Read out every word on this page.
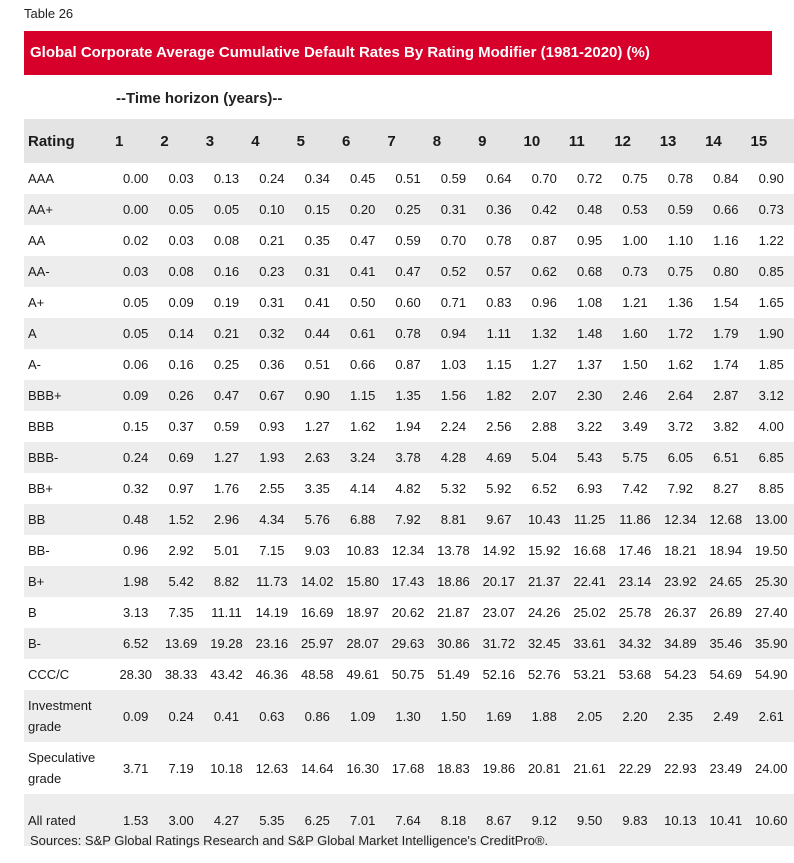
Table 26
Global Corporate Average Cumulative Default Rates By Rating Modifier (1981-2020) (%)
--Time horizon (years)--
Rating	1	2	3	4	5	6	7	8	9	10	11	12	13	14	15
AAA	0.00	0.03	0.13	0.24	0.34	0.45	0.51	0.59	0.64	0.70	0.72	0.75	0.78	0.84	0.90
AA+	0.00	0.05	0.05	0.10	0.15	0.20	0.25	0.31	0.36	0.42	0.48	0.53	0.59	0.66	0.73
AA	0.02	0.03	0.08	0.21	0.35	0.47	0.59	0.70	0.78	0.87	0.95	1.00	1.10	1.16	1.22
AA-	0.03	0.08	0.16	0.23	0.31	0.41	0.47	0.52	0.57	0.62	0.68	0.73	0.75	0.80	0.85
A+	0.05	0.09	0.19	0.31	0.41	0.50	0.60	0.71	0.83	0.96	1.08	1.21	1.36	1.54	1.65
A	0.05	0.14	0.21	0.32	0.44	0.61	0.78	0.94	1.11	1.32	1.48	1.60	1.72	1.79	1.90
A-	0.06	0.16	0.25	0.36	0.51	0.66	0.87	1.03	1.15	1.27	1.37	1.50	1.62	1.74	1.85
BBB+	0.09	0.26	0.47	0.67	0.90	1.15	1.35	1.56	1.82	2.07	2.30	2.46	2.64	2.87	3.12
BBB	0.15	0.37	0.59	0.93	1.27	1.62	1.94	2.24	2.56	2.88	3.22	3.49	3.72	3.82	4.00
BBB-	0.24	0.69	1.27	1.93	2.63	3.24	3.78	4.28	4.69	5.04	5.43	5.75	6.05	6.51	6.85
BB+	0.32	0.97	1.76	2.55	3.35	4.14	4.82	5.32	5.92	6.52	6.93	7.42	7.92	8.27	8.85
BB	0.48	1.52	2.96	4.34	5.76	6.88	7.92	8.81	9.67	10.43	11.25	11.86	12.34	12.68	13.00
BB-	0.96	2.92	5.01	7.15	9.03	10.83	12.34	13.78	14.92	15.92	16.68	17.46	18.21	18.94	19.50
B+	1.98	5.42	8.82	11.73	14.02	15.80	17.43	18.86	20.17	21.37	22.41	23.14	23.92	24.65	25.30
B	3.13	7.35	11.11	14.19	16.69	18.97	20.62	21.87	23.07	24.26	25.02	25.78	26.37	26.89	27.40
B-	6.52	13.69	19.28	23.16	25.97	28.07	29.63	30.86	31.72	32.45	33.61	34.32	34.89	35.46	35.90
CCC/C	28.30	38.33	43.42	46.36	48.58	49.61	50.75	51.49	52.16	52.76	53.21	53.68	54.23	54.69	54.90
Investment grade	0.09	0.24	0.41	0.63	0.86	1.09	1.30	1.50	1.69	1.88	2.05	2.20	2.35	2.49	2.61
Speculative grade	3.71	7.19	10.18	12.63	14.64	16.30	17.68	18.83	19.86	20.81	21.61	22.29	22.93	23.49	24.00
All rated	1.53	3.00	4.27	5.35	6.25	7.01	7.64	8.18	8.67	9.12	9.50	9.83	10.13	10.41	10.60
Sources: S&P Global Ratings Research and S&P Global Market Intelligence's CreditPro®.
